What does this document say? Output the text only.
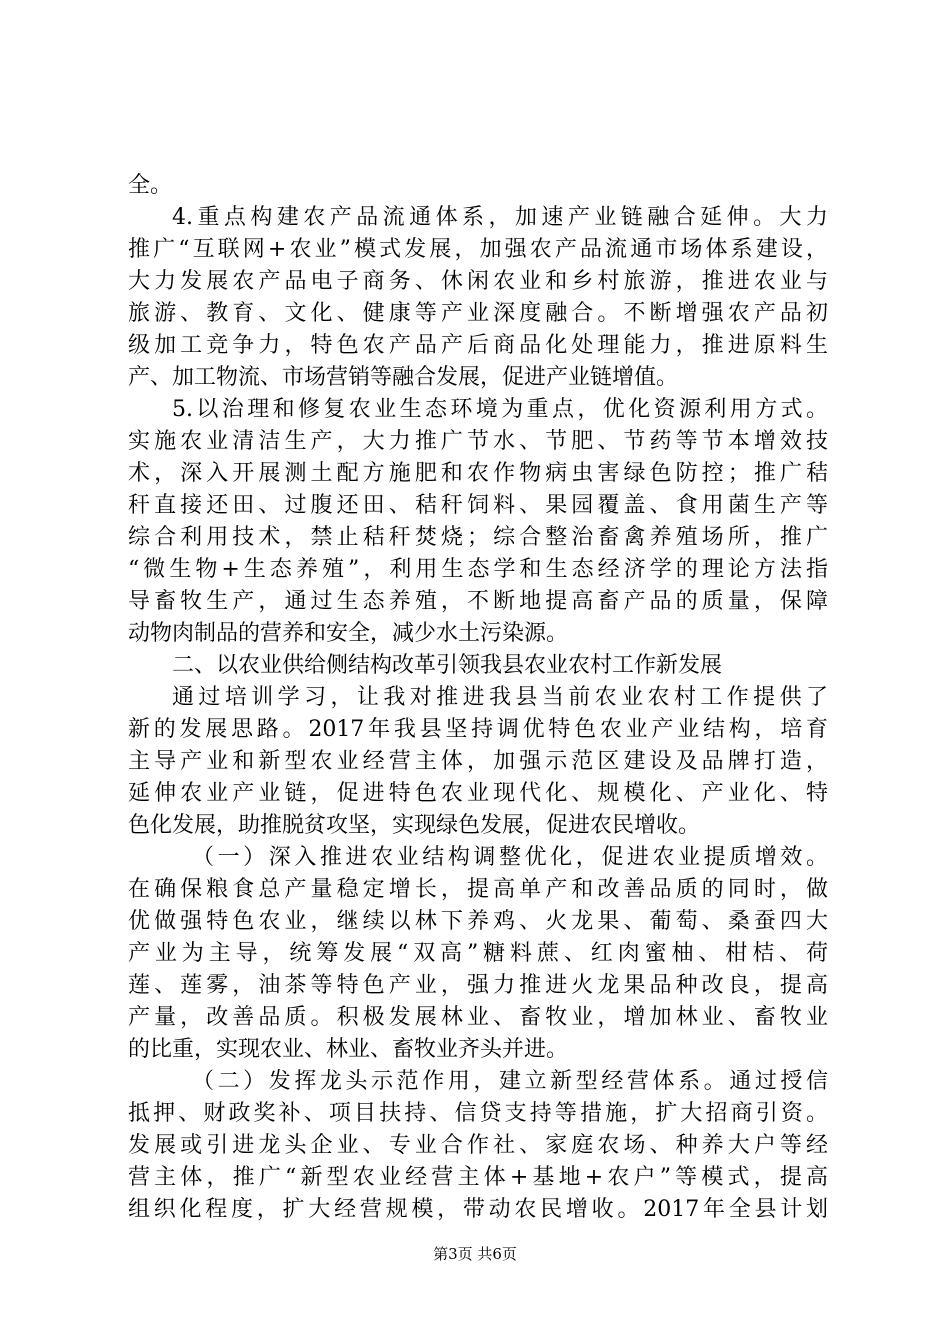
全。
4.重点构建农产品流通体系，加速产业链融合延伸。大力
推广“互联网+农业”模式发展，加强农产品流通市场体系建设，
大力发展农产品电子商务、休闲农业和乡村旅游，推进农业与
旅游、教育、文化、健康等产业深度融合。不断增强农产品初
级加工竞争力，特色农产品产后商品化处理能力，推进原料生
产、加工物流、市场营销等融合发展，促进产业链增值。
5.以治理和修复农业生态环境为重点，优化资源利用方式。
实施农业清洁生产，大力推广节水、节肥、节药等节本增效技
术，深入开展测土配方施肥和农作物病虫害绿色防控；推广秸
秆直接还田、过腹还田、秸秆饲料、果园覆盖、食用菌生产等
综合利用技术，禁止秸秆焚烧；综合整治畜禽养殖场所，推广
“微生物+生态养殖”，利用生态学和生态经济学的理论方法指
导畜牧生产，通过生态养殖，不断地提高畜产品的质量，保障
动物肉制品的营养和安全，减少水土污染源。
二、以农业供给侧结构改革引领我县农业农村工作新发展
通过培训学习，让我对推进我县当前农业农村工作提供了
新的发展思路。2017年我县坚持调优特色农业产业结构，培育
主导产业和新型农业经营主体，加强示范区建设及品牌打造，
延伸农业产业链，促进特色农业现代化、规模化、产业化、特
色化发展，助推脱贫攻坚，实现绿色发展，促进农民增收。
（一）深入推进农业结构调整优化，促进农业提质增效。
在确保粮食总产量稳定增长，提高单产和改善品质的同时，做
优做强特色农业，继续以林下养鸡、火龙果、葡萄、桑蚕四大
产业为主导，统筹发展“双高”糖料蔗、红肉蜜柚、柑桔、荷
莲、莲雾，油茶等特色产业，强力推进火龙果品种改良，提高
产量，改善品质。积极发展林业、畜牧业，增加林业、畜牧业
的比重，实现农业、林业、畜牧业齐头并进。
（二）发挥龙头示范作用，建立新型经营体系。通过授信
抵押、财政奖补、项目扶持、信贷支持等措施，扩大招商引资。
发展或引进龙头企业、专业合作社、家庭农场、种养大户等经
营主体，推广“新型农业经营主体+基地+农户”等模式，提高
组织化程度，扩大经营规模，带动农民增收。2017年全县计划
第3页 共6页
